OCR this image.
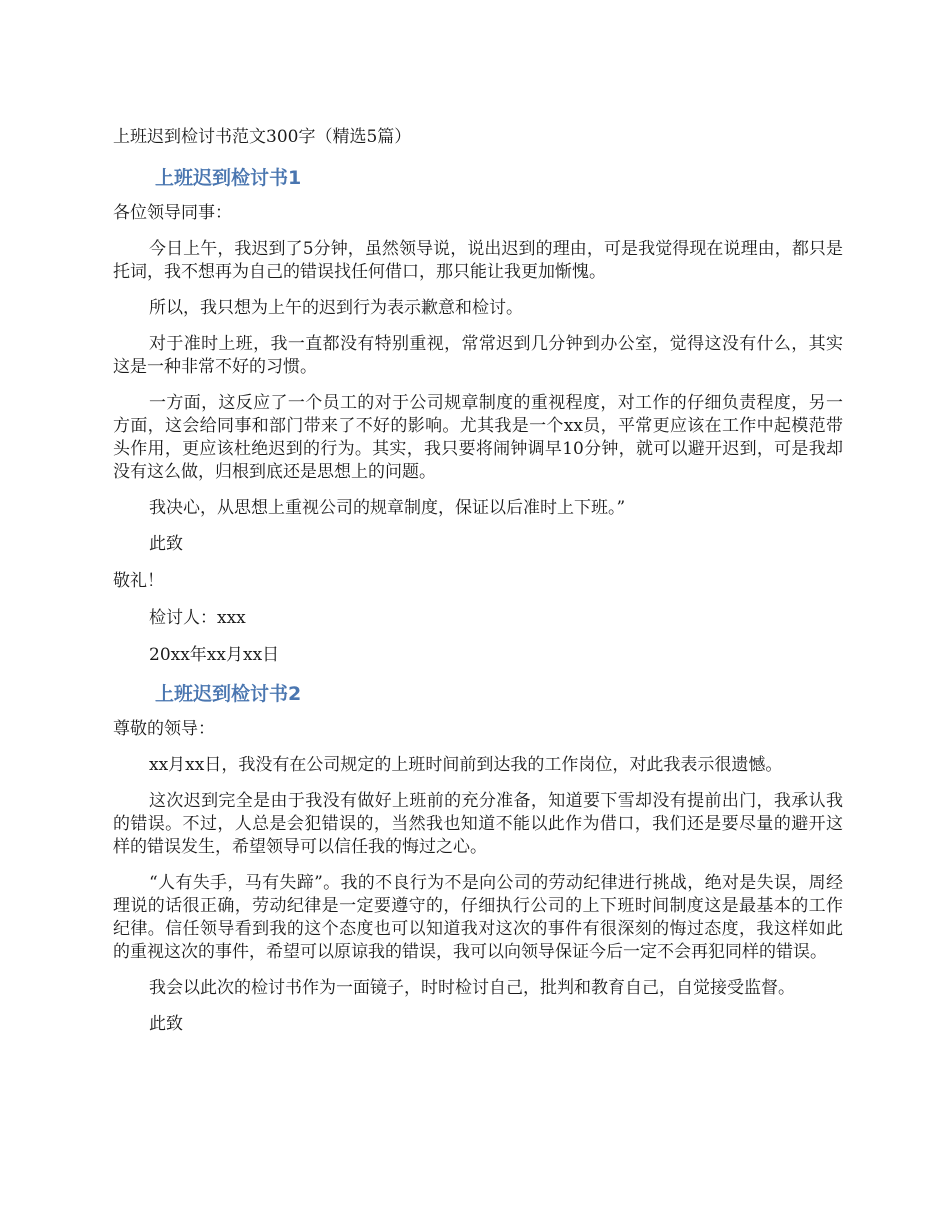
上班迟到检讨书范文300字（精选5篇）
上班迟到检讨书1
各位领导同事：
今日上午，我迟到了5分钟，虽然领导说，说出迟到的理由，可是我觉得现在说理由，都只是托词，我不想再为自己的错误找任何借口，那只能让我更加惭愧。
所以，我只想为上午的迟到行为表示歉意和检讨。
对于准时上班，我一直都没有特别重视，常常迟到几分钟到办公室，觉得这没有什么，其实这是一种非常不好的习惯。
一方面，这反应了一个员工的对于公司规章制度的重视程度，对工作的仔细负责程度，另一方面，这会给同事和部门带来了不好的影响。尤其我是一个xx员，平常更应该在工作中起模范带头作用，更应该杜绝迟到的行为。其实，我只要将闹钟调早10分钟，就可以避开迟到，可是我却没有这么做，归根到底还是思想上的问题。
我决心，从思想上重视公司的规章制度，保证以后准时上下班。”
此致
敬礼！
检讨人：xxx
20xx年xx月xx日
上班迟到检讨书2
尊敬的领导：
xx月xx日，我没有在公司规定的上班时间前到达我的工作岗位，对此我表示很遗憾。
这次迟到完全是由于我没有做好上班前的充分准备，知道要下雪却没有提前出门，我承认我的错误。不过，人总是会犯错误的，当然我也知道不能以此作为借口，我们还是要尽量的避开这样的错误发生，希望领导可以信任我的悔过之心。
“人有失手，马有失蹄”。我的不良行为不是向公司的劳动纪律进行挑战，绝对是失误，周经理说的话很正确，劳动纪律是一定要遵守的，仔细执行公司的上下班时间制度这是最基本的工作纪律。信任领导看到我的这个态度也可以知道我对这次的事件有很深刻的悔过态度，我这样如此的重视这次的事件，希望可以原谅我的错误，我可以向领导保证今后一定不会再犯同样的错误。
我会以此次的检讨书作为一面镜子，时时检讨自己，批判和教育自己，自觉接受监督。
此致
